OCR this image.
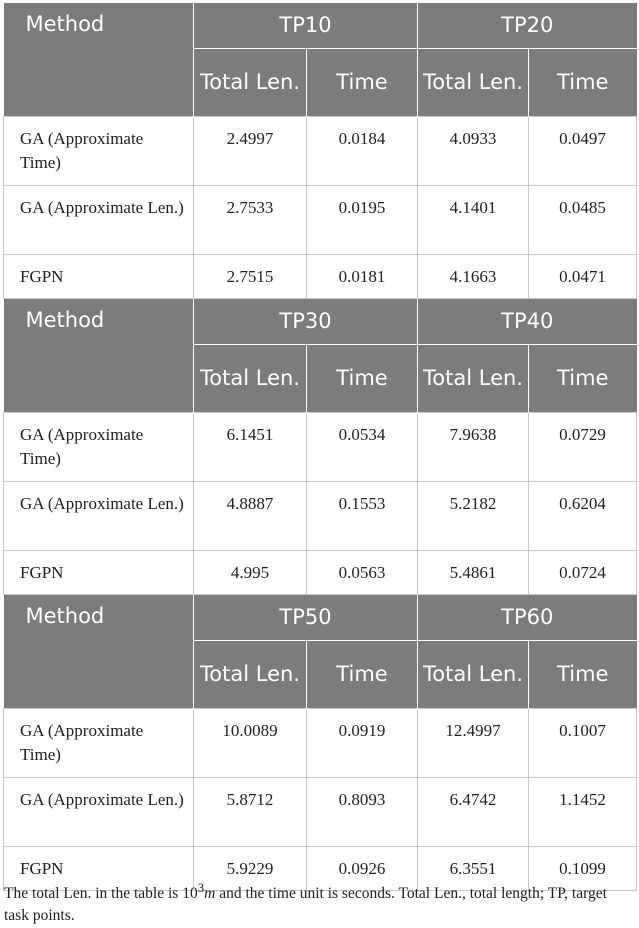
Method	TP10		TP20	
	Total Len.	Time	Total Len.	Time
GA (Approximate Time)	2.4997	0.0184	4.0933	0.0497
GA (Approximate Len.)	2.7533	0.0195	4.1401	0.0485
FGPN	2.7515	0.0181	4.1663	0.0471
Method	TP30		TP40	
	Total Len.	Time	Total Len.	Time
GA (Approximate Time)	6.1451	0.0534	7.9638	0.0729
GA (Approximate Len.)	4.8887	0.1553	5.2182	0.6204
FGPN	4.995	0.0563	5.4861	0.0724
Method	TP50		TP60	
	Total Len.	Time	Total Len.	Time
GA (Approximate Time)	10.0089	0.0919	12.4997	0.1007
GA (Approximate Len.)	5.8712	0.8093	6.4742	1.1452
FGPN	5.9229	0.0926	6.3551	0.1099
The total Len. in the table is $10^3m$ and the time unit is seconds. Total Len., total length; TP, target task points.
